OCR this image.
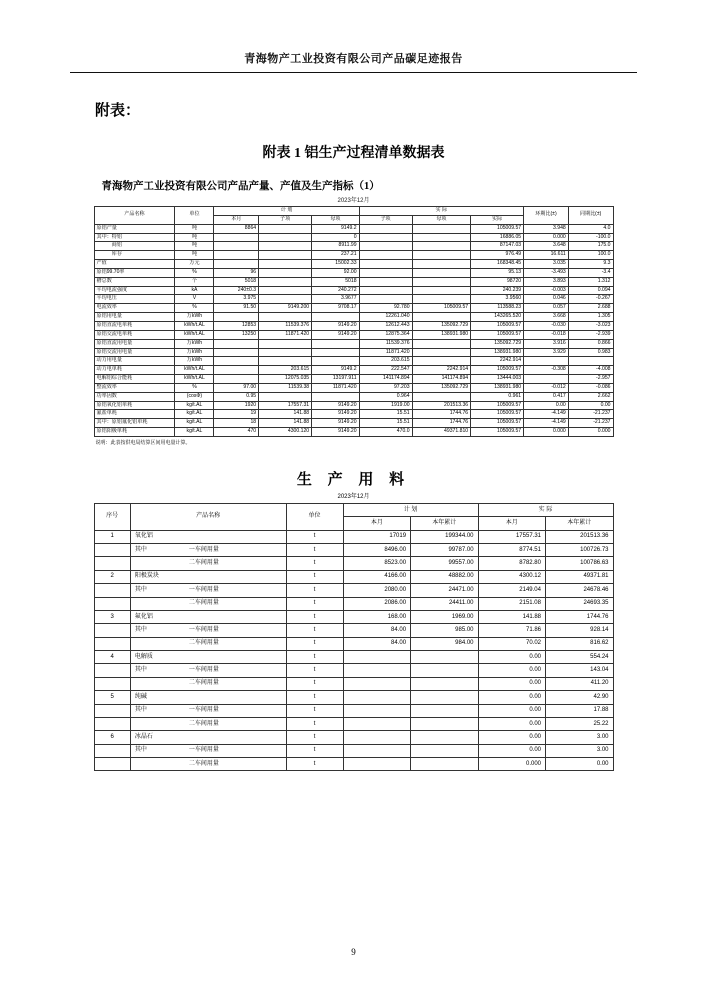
青海物产工业投资有限公司产品碳足迹报告
附表：
附表 1 铝生产过程清单数据表
青海物产工业投资有限公司产品产量、产值及生产指标（1）
2023年12月
产品名称	单位	计 划			实 际			环期比(±)	同期比(±)
		本月	子项	母项	子项	母项	实际		
原铝产量	吨	8864		9149.2			105009.57	3.948	4.0
其中：特铝	吨			0			16886.05	0.000	-100.0
　　　商铝	吨			8911.99			87147.03	3.648	175.0
　　　库存	吨			237.21			976.49	16.611	100.0
产值	万元			15002.33			168348.45	3.035	9.3
原铝99.70率	%	96		92.00			95.13	-3.493	-3.4
槽总数	个	5018		5018			98720	3.893	1.312
平均电流强度	kA	240±0.3		240.272			240.239	-0.003	0.094
平均电压	V	3.975		3.9677			3.9560	0.046	-0.267
电流效率	%	91.50	9149.200	9708.17	92.780	105009.57	113588.23	0.057	2.688
原铝用电量	万kWh				12261.040		143265.520	3.668	1.305
原铝直流电单耗	kWh/t.AL	12853	11539.376	9149.20	12612.443	135092.729	105009.57	-0.030	-3.023
原铝交流电单耗	kWh/t.AL	13250	11871.420	9149.20	12875.364	138931.980	105009.57	-0.018	-2.939
原铝直流用电量	万kWh				11539.376		135092.729	3.916	0.866
原铝交流用电量	万kWh				11871.420		138931.980	3.929	0.983
动力用电量	万kWh				203.615		2242.914		
动力电单耗	kWh/t.AL		203.615	9149.2	222.547	2242.914	105009.57	-0.308	-4.008
电解铝综合能耗	kWh/t.AL		12075.035	13197.911	141174.894	141174.894	13444.003		-2.957
整流效率	%	97.00	11539.38	11871.420	97.203	135092.729	138931.980	-0.012	-0.086
功率因数	(cosΦ)	0.95			0.964		0.961	0.417	2.662
原铝氧化铝单耗	kg/t.AL	1920	17557.31	9149.20	1919.00	201513.36	105009.57	0.00	0.00
氟盐单耗	kg/t.AL	19	141.88	9149.20	15.51	1744.76	105009.57	-4.149	-21.237
其中：原铝氟化铝单耗	kg/t.AL	18	141.88	9149.20	15.51	1744.76	105009.57	-4.149	-21.237
原铝阳极单耗	kg/t.AL	470	4300.120	9149.20	470.0	49371.810	105009.57	0.000	0.000
说明：此表按供电局结算区间用电量计算。
生 产 用 料
2023年12月
序号	产品名称	单位	计 划		实 际	
			本月	本年累计	本月	本年累计
1	氧化铝	t	17019	199344.00	17557.31	201513.36
	其中　　　　　　　一车间用量	t	8496.00	99787.00	8774.51	100726.73
	　　　　　　　　　二车间用量	t	8523.00	99557.00	8782.80	100786.63
2	阳极炭块	t	4166.00	48882.00	4300.12	49371.81
	其中　　　　　　　一车间用量	t	2080.00	24471.00	2149.04	24678.46
	　　　　　　　　　二车间用量	t	2086.00	24411.00	2151.08	24693.35
3	氟化铝	t	168.00	1969.00	141.88	1744.76
	其中　　　　　　　一车间用量	t	84.00	985.00	71.86	928.14
	　　　　　　　　　二车间用量	t	84.00	984.00	70.02	816.62
4	电解质	t			0.00	554.24
	其中　　　　　　　一车间用量	t			0.00	143.04
	　　　　　　　　　二车间用量	t			0.00	411.20
5	纯碱	t			0.00	42.90
	其中　　　　　　　一车间用量	t			0.00	17.88
	　　　　　　　　　二车间用量	t			0.00	25.22
6	冰晶石	t			0.00	3.00
	其中　　　　　　　一车间用量	t			0.00	3.00
	　　　　　　　　　二车间用量	t			0.000	0.00
9
